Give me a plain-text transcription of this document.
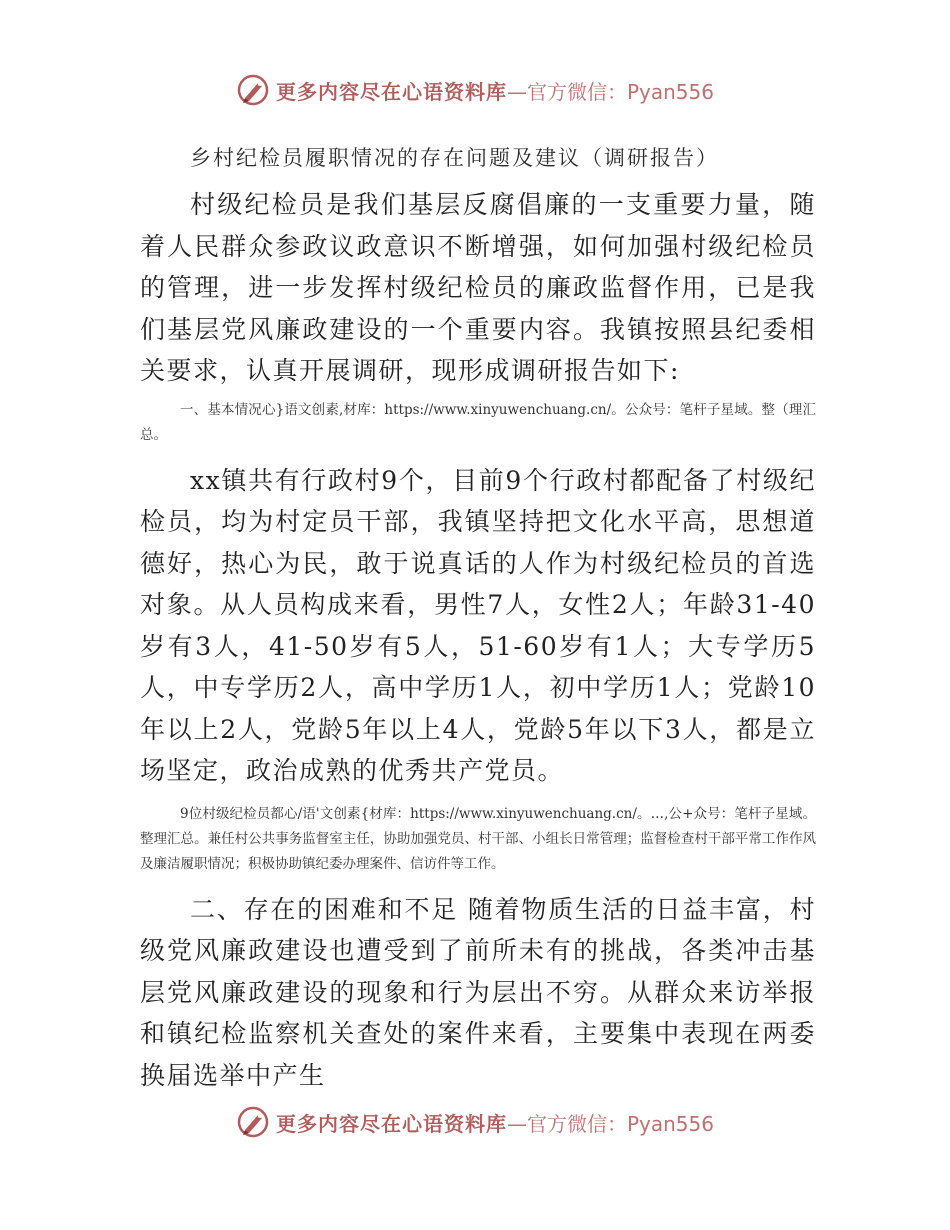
更多内容尽在心语资料库 —官方微信：Pyan556
乡村纪检员履职情况的存在问题及建议（调研报告）

村级纪检员是我们基层反腐倡廉的一支重要力量，随着人民群众参政议政意识不断增强，如何加强村级纪检员的管理，进一步发挥村级纪检员的廉政监督作用，已是我们基层党风廉政建设的一个重要内容。我镇按照县纪委相关要求，认真开展调研，现形成调研报告如下:

一、基本情况心}语文创素,材库：https://www.xinyuwenchuang.cn/。公众号：笔杆子星域。整（理汇总。

xx镇共有行政村9个，目前9个行政村都配备了村级纪检员，均为村定员干部，我镇坚持把文化水平高，思想道德好，热心为民，敢于说真话的人作为村级纪检员的首选对象。从人员构成来看，男性7人，女性2人；年龄31-40岁有3人，41-50岁有5人，51-60岁有1人；大专学历5人，中专学历2人，高中学历1人，初中学历1人；党龄10年以上2人，党龄5年以上4人，党龄5年以下3人，都是立场坚定，政治成熟的优秀共产党员。

9位村级纪检员都心/语'文创素{材库：https://www.xinyuwenchuang.cn/。…,公+众号：笔杆子星域。整理汇总。兼任村公共事务监督室主任，协助加强党员、村干部、小组长日常管理；监督检查村干部平常工作作风及廉洁履职情况；积极协助镇纪委办理案件、信访件等工作。

二、存在的困难和不足 随着物质生活的日益丰富，村级党风廉政建设也遭受到了前所未有的挑战，各类冲击基层党风廉政建设的现象和行为层出不穷。从群众来访举报和镇纪检监察机关查处的案件来看，主要集中表现在两委换届选举中产生

更多内容尽在心语资料库 —官方微信：Pyan556
